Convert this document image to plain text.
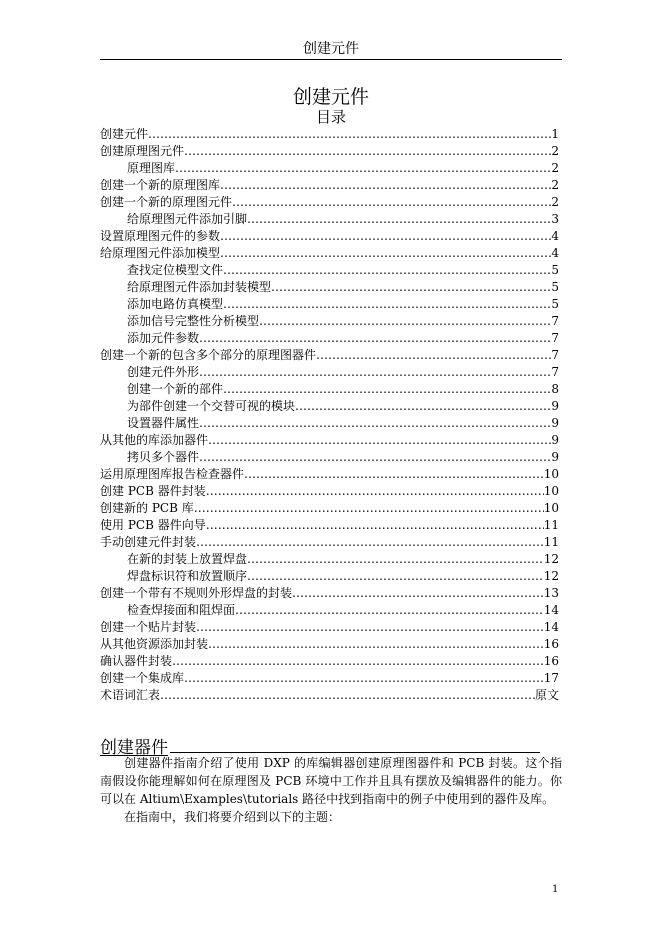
创建元件
创建元件
目录
创建元件 ……………………………………………………………………………………………………………………………………………………………………………………………………	1
创建原理图元件 ……………………………………………………………………………………………………………………………………………………………………………………………………	2
原理图库 ……………………………………………………………………………………………………………………………………………………………………………………………………	2
创建一个新的原理图库 ……………………………………………………………………………………………………………………………………………………………………………………………………	2
创建一个新的原理图元件 ……………………………………………………………………………………………………………………………………………………………………………………………………	2
给原理图元件添加引脚 ……………………………………………………………………………………………………………………………………………………………………………………………………	3
设置原理图元件的参数 ……………………………………………………………………………………………………………………………………………………………………………………………………	4
给原理图元件添加模型 ……………………………………………………………………………………………………………………………………………………………………………………………………	4
查找定位模型文件 ……………………………………………………………………………………………………………………………………………………………………………………………………	5
给原理图元件添加封装模型 ……………………………………………………………………………………………………………………………………………………………………………………………………	5
添加电路仿真模型 ……………………………………………………………………………………………………………………………………………………………………………………………………	5
添加信号完整性分析模型 ……………………………………………………………………………………………………………………………………………………………………………………………………	7
添加元件参数 ……………………………………………………………………………………………………………………………………………………………………………………………………	7
创建一个新的包含多个部分的原理图器件 ……………………………………………………………………………………………………………………………………………………………………………………………………	7
创建元件外形 ……………………………………………………………………………………………………………………………………………………………………………………………………	7
创建一个新的部件 ……………………………………………………………………………………………………………………………………………………………………………………………………	8
为部件创建一个交替可视的模块 ……………………………………………………………………………………………………………………………………………………………………………………………………	9
设置器件属性 ……………………………………………………………………………………………………………………………………………………………………………………………………	9
从其他的库添加器件 ……………………………………………………………………………………………………………………………………………………………………………………………………	9
拷贝多个器件 ……………………………………………………………………………………………………………………………………………………………………………………………………	9
运用原理图库报告检查器件 ……………………………………………………………………………………………………………………………………………………………………………………………………	10
创建 PCB 器件封装 ……………………………………………………………………………………………………………………………………………………………………………………………………	10
创建新的 PCB 库 ……………………………………………………………………………………………………………………………………………………………………………………………………	10
使用 PCB 器件向导 ……………………………………………………………………………………………………………………………………………………………………………………………………	11
手动创建元件封装 ……………………………………………………………………………………………………………………………………………………………………………………………………	11
在新的封装上放置焊盘 ……………………………………………………………………………………………………………………………………………………………………………………………………	12
焊盘标识符和放置顺序 ……………………………………………………………………………………………………………………………………………………………………………………………………	12
创建一个带有不规则外形焊盘的封装 ……………………………………………………………………………………………………………………………………………………………………………………………………	13
检查焊接面和阻焊面 ……………………………………………………………………………………………………………………………………………………………………………………………………	14
创建一个贴片封装 ……………………………………………………………………………………………………………………………………………………………………………………………………	14
从其他资源添加封装 ……………………………………………………………………………………………………………………………………………………………………………………………………	16
确认器件封装 ……………………………………………………………………………………………………………………………………………………………………………………………………	16
创建一个集成库 ……………………………………………………………………………………………………………………………………………………………………………………………………	17
术语词汇表 ……………………………………………………………………………………………………………………………………………………………………………………………………	原文
创建器件

创建器件指南介绍了使用 DXP 的库编辑器创建原理图器件和 PCB 封装。这个指南假设你能理解如何在原理图及 PCB 环境中工作并且具有摆放及编辑器件的能力。你可以在 Altium\Examples\tutorials 路径中找到指南中的例子中使用到的器件及库。

在指南中，我们将要介绍到以下的主题：

1
